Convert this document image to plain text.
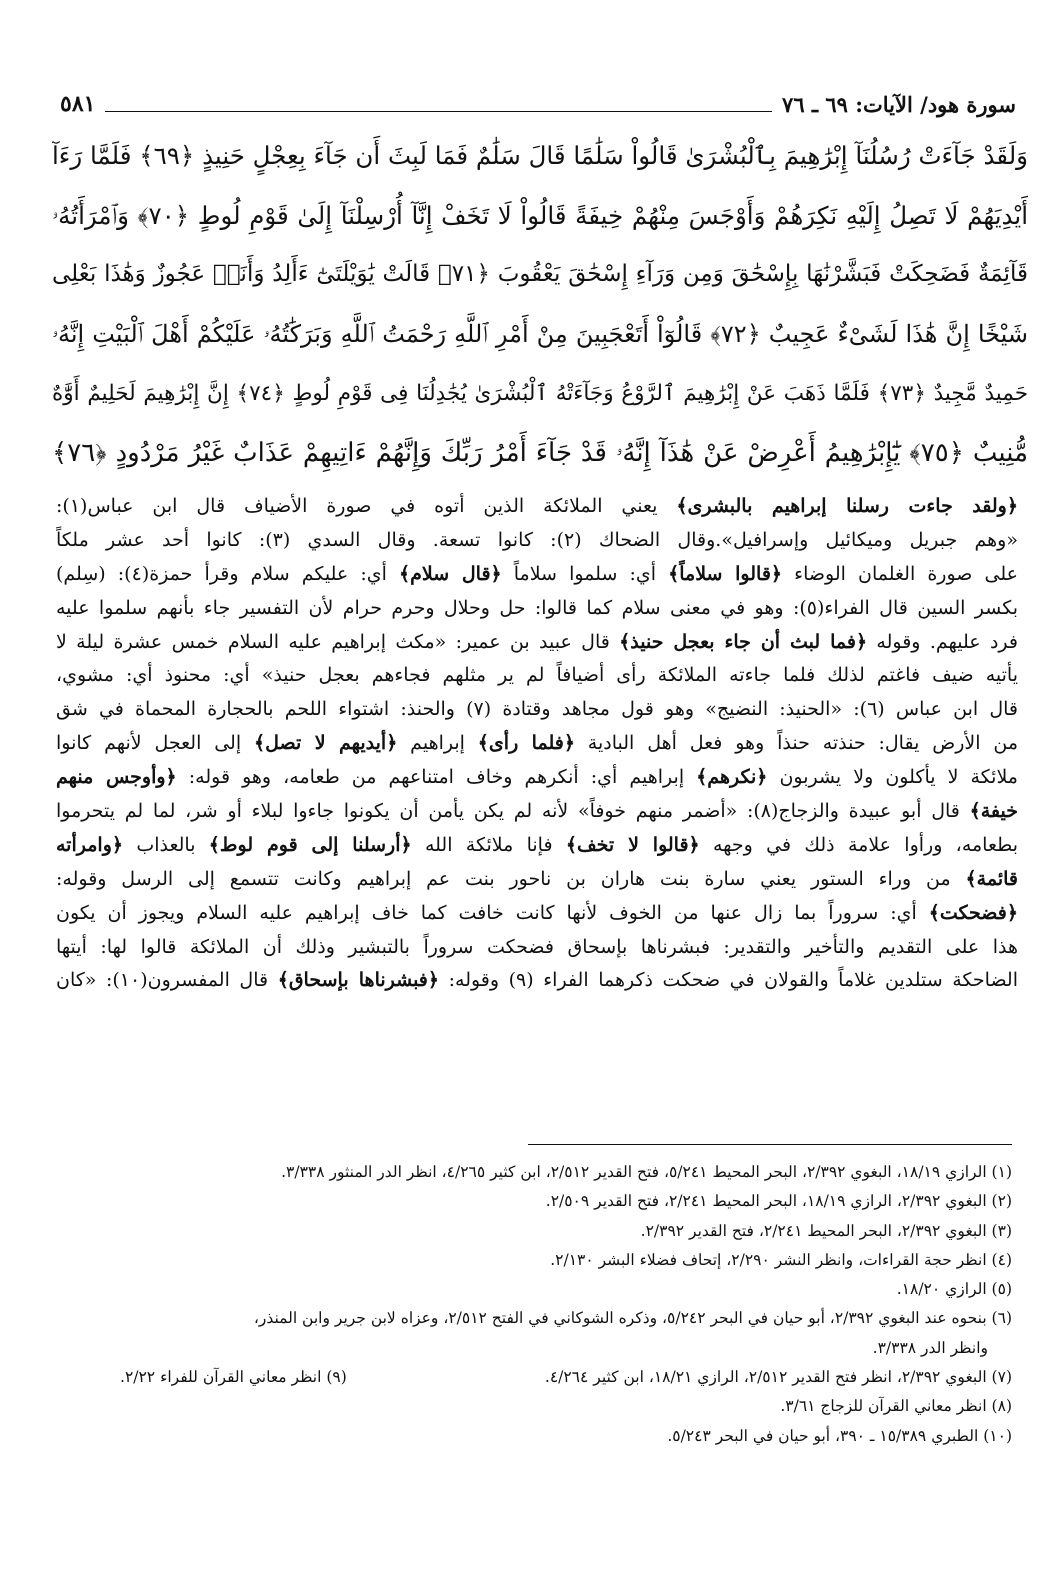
سورة هود/ الآيات: ٦٩ ـ ٧٦
٥٨١
وَلَقَدْ جَآءَتْ رُسُلُنَآ إِبْرَٰهِيمَ بِٱلْبُشْرَىٰ قَالُواْ سَلَٰمًا قَالَ سَلَٰمٌ فَمَا لَبِثَ أَن جَآءَ بِعِجْلٍ حَنِيذٍ ﴿٦٩﴾ فَلَمَّا رَءَآ
أَيْدِيَهُمْ لَا تَصِلُ إِلَيْهِ نَكِرَهُمْ وَأَوْجَسَ مِنْهُمْ خِيفَةً قَالُواْ لَا تَخَفْ إِنَّآ أُرْسِلْنَآ إِلَىٰ قَوْمِ لُوطٍ ﴿٧٠﴾ وَٱمْرَأَتُهُۥ
قَآئِمَةٌ فَضَحِكَتْ فَبَشَّرْنَٰهَا بِإِسْحَٰقَ وَمِن وَرَآءِ إِسْحَٰقَ يَعْقُوبَ ﴿٧١﴾ قَالَتْ يَٰوَيْلَتَىٰٓ ءَأَلِدُ وَأَنَا۠ عَجُوزٌ وَهَٰذَا بَعْلِى
شَيْخًا إِنَّ هَٰذَا لَشَىْءٌ عَجِيبٌ ﴿٧٢﴾ قَالُوٓاْ أَتَعْجَبِينَ مِنْ أَمْرِ ٱللَّهِ رَحْمَتُ ٱللَّهِ وَبَرَكَٰتُهُۥ عَلَيْكُمْ أَهْلَ ٱلْبَيْتِ إِنَّهُۥ
حَمِيدٌ مَّجِيدٌ ﴿٧٣﴾ فَلَمَّا ذَهَبَ عَنْ إِبْرَٰهِيمَ ٱلرَّوْعُ وَجَآءَتْهُ ٱلْبُشْرَىٰ يُجَٰدِلُنَا فِى قَوْمِ لُوطٍ ﴿٧٤﴾ إِنَّ إِبْرَٰهِيمَ لَحَلِيمٌ أَوَّٰهٌ
مُّنِيبٌ ﴿٧٥﴾ يَٰٓإِبْرَٰهِيمُ أَعْرِضْ عَنْ هَٰذَآ إِنَّهُۥ قَدْ جَآءَ أَمْرُ رَبِّكَ وَإِنَّهُمْ ءَاتِيهِمْ عَذَابٌ غَيْرُ مَرْدُودٍ ﴿٧٦﴾
﴿ولقد جاءت رسلنا إبراهيم بالبشرى﴾ يعني الملائكة الذين أتوه في صورة الأضياف قال ابن عباس(١):
«وهم جبريل وميكائيل وإسرافيل».وقال الضحاك (٢): كانوا تسعة. وقال السدي (٣): كانوا أحد عشر ملكاً
على صورة الغلمان الوضاء ﴿قالوا سلاماً﴾ أي: سلموا سلاماً ﴿قال سلام﴾ أي: عليكم سلام وقرأ حمزة(٤): (سِلم)
بكسر السين قال الفراء(٥): وهو في معنى سلام كما قالوا: حل وحلال وحرم حرام لأن التفسير جاء بأنهم سلموا عليه
فرد عليهم. وقوله ﴿فما لبث أن جاء بعجل حنيذ﴾ قال عبيد بن عمير: «مكث إبراهيم عليه السلام خمس عشرة ليلة لا
يأتيه ضيف فاغتم لذلك فلما جاءته الملائكة رأى أضيافاً لم ير مثلهم فجاءهم بعجل حنيذ» أي: محنوذ أي: مشوي،
قال ابن عباس (٦): «الحنيذ: النضيج» وهو قول مجاهد وقتادة (٧) والحنذ: اشتواء اللحم بالحجارة المحماة في شق
من الأرض يقال: حنذته حنذاً وهو فعل أهل البادية ﴿فلما رأى﴾ إبراهيم ﴿أيديهم لا تصل﴾ إلى العجل لأنهم كانوا
ملائكة لا يأكلون ولا يشربون ﴿نكرهم﴾ إبراهيم أي: أنكرهم وخاف امتناعهم من طعامه، وهو قوله: ﴿وأوجس منهم
خيفة﴾ قال أبو عبيدة والزجاج(٨): «أضمر منهم خوفاً» لأنه لم يكن يأمن أن يكونوا جاءوا لبلاء أو شر، لما لم يتحرموا
بطعامه، ورأوا علامة ذلك في وجهه ﴿قالوا لا تخف﴾ فإنا ملائكة الله ﴿أرسلنا إلى قوم لوط﴾ بالعذاب ﴿وامرأته
قائمة﴾ من وراء الستور يعني سارة بنت هاران بن ناحور بنت عم إبراهيم وكانت تتسمع إلى الرسل وقوله:
﴿فضحكت﴾ أي: سروراً بما زال عنها من الخوف لأنها كانت خافت كما خاف إبراهيم عليه السلام ويجوز أن يكون
هذا على التقديم والتأخير والتقدير: فبشرناها بإسحاق فضحكت سروراً بالتبشير وذلك أن الملائكة قالوا لها: أيتها
الضاحكة ستلدين غلاماً والقولان في ضحكت ذكرهما الفراء (٩) وقوله: ﴿فبشرناها بإسحاق﴾ قال المفسرون(١٠): «كان
(١) الرازي ١٨/١٩، البغوي ٢/٣٩٢، البحر المحيط ٥/٢٤١، فتح القدير ٢/٥١٢، ابن كثير ٤/٢٦٥، انظر الدر المنثور ٣/٣٣٨.
(٢) البغوي ٢/٣٩٢، الرازي ١٨/١٩، البحر المحيط ٢/٢٤١، فتح القدير ٢/٥٠٩.
(٣) البغوي ٢/٣٩٢، البحر المحيط ٢/٢٤١، فتح القدير ٢/٣٩٢.
(٤) انظر حجة القراءات، وانظر النشر ٢/٢٩٠، إتحاف فضلاء البشر ٢/١٣٠.
(٥) الرازي ١٨/٢٠.
(٦) بنحوه عند البغوي ٢/٣٩٢، أبو حيان في البحر ٥/٢٤٢، وذكره الشوكاني في الفتح ٢/٥١٢، وعزاه لابن جرير وابن المنذر،
وانظر الدر ٣/٣٣٨.
(٧) البغوي ٢/٣٩٢، انظر فتح القدير ٢/٥١٢، الرازي ١٨/٢١، ابن كثير ٤/٢٦٤.
(٩) انظر معاني القرآن للفراء ٢/٢٢.
(٨) انظر معاني القرآن للزجاج ٣/٦١.
(١٠) الطبري ١٥/٣٨٩ ـ ٣٩٠، أبو حيان في البحر ٥/٢٤٣.
